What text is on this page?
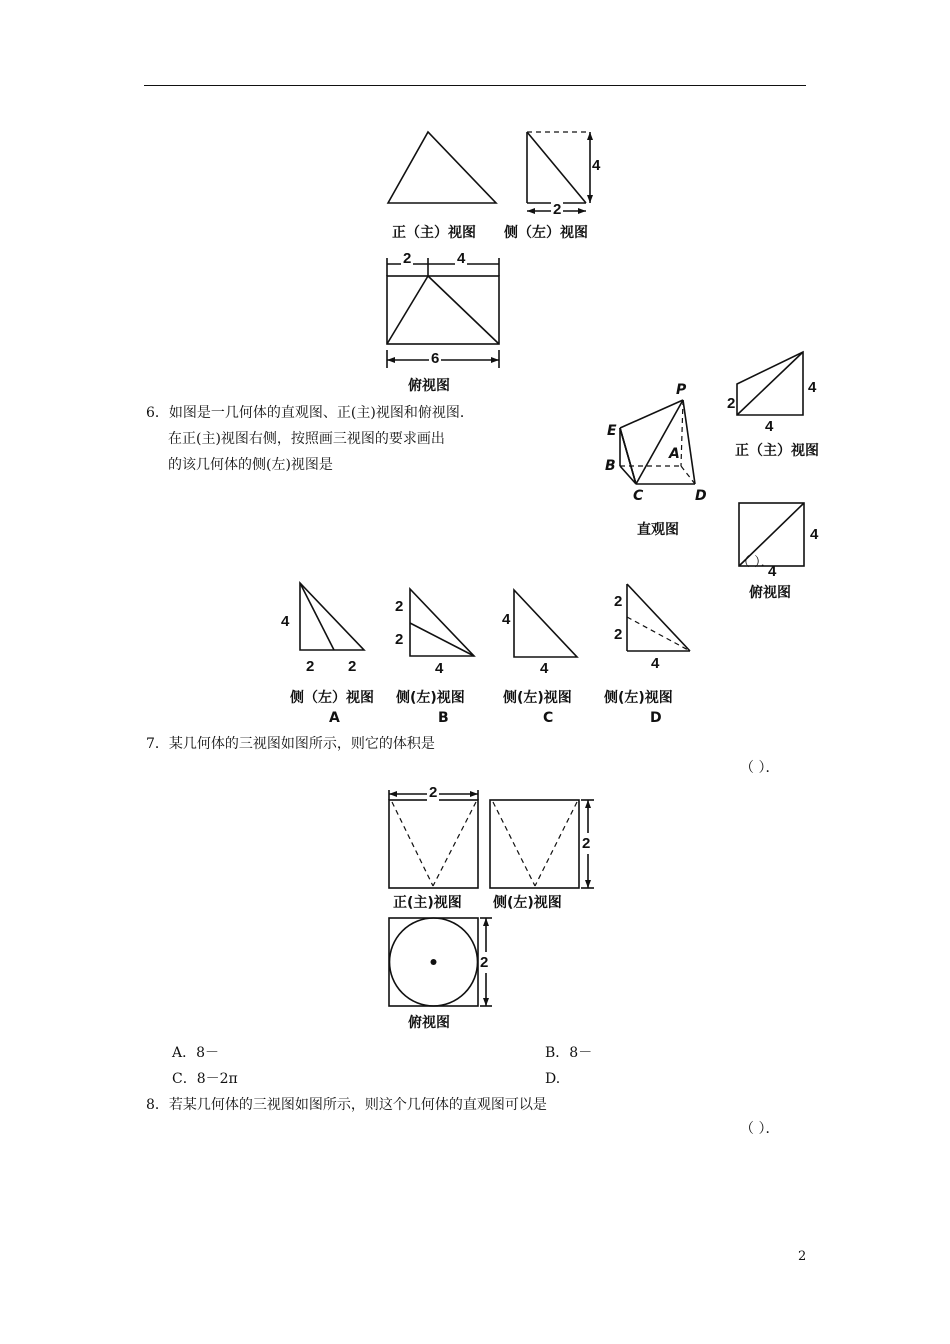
4
2
正（主）视图 侧（左）视图
2	4
6
俯视图
6．如图是一几何体的直观图、正(主)视图和俯视图．
在正(主)视图右侧，按照画三视图的要求画出
的该几何体的侧(左)视图是
P
E
A
B
C	D
直观图
2
4
4
正（主）视图
4
（ ）．
4
俯视图
4
2 2
2
2
4
4
4
2
2
4
侧（左）视图 侧(左)视图	侧(左)视图 侧(左)视图
A	B	C	D
7．某几何体的三视图如图所示，则它的体积是
（ ）．
2
2
正(主)视图 侧(左)视图
2
俯视图
A．8－	B．8－
C．8－2π	D.
8．若某几何体的三视图如图所示，则这个几何体的直观图可以是
（ ）．
2
